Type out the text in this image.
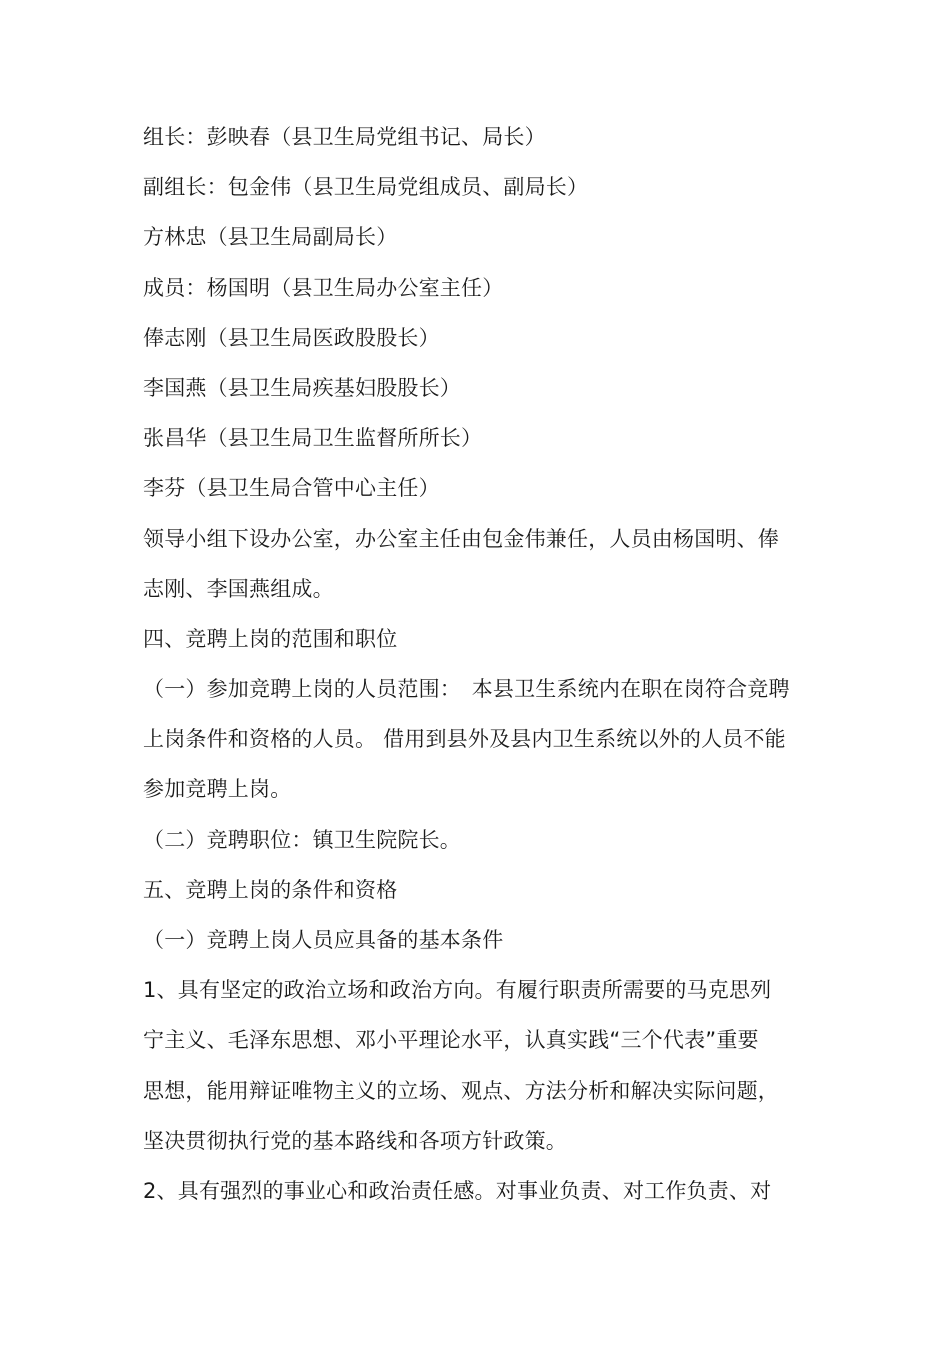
组长：彭映春（县卫生局党组书记、局长）
副组长：包金伟（县卫生局党组成员、副局长）
方林忠（县卫生局副局长）
成员：杨国明（县卫生局办公室主任）
俸志刚（县卫生局医政股股长）
李国燕（县卫生局疾基妇股股长）
张昌华（县卫生局卫生监督所所长）
李芬（县卫生局合管中心主任）
领导小组下设办公室，办公室主任由包金伟兼任，人员由杨国明、俸
志刚、李国燕组成。
四、竞聘上岗的范围和职位
（一）参加竞聘上岗的人员范围：　本县卫生系统内在职在岗符合竞聘
上岗条件和资格的人员。 借用到县外及县内卫生系统以外的人员不能
参加竞聘上岗。
（二）竞聘职位：镇卫生院院长。
五、竞聘上岗的条件和资格
（一）竞聘上岗人员应具备的基本条件
1、具有坚定的政治立场和政治方向。有履行职责所需要的马克思列
宁主义、毛泽东思想、邓小平理论水平，认真实践“三个代表”重要
思想，能用辩证唯物主义的立场、观点、方法分析和解决实际问题，
坚决贯彻执行党的基本路线和各项方针政策。
2、具有强烈的事业心和政治责任感。对事业负责、对工作负责、对
